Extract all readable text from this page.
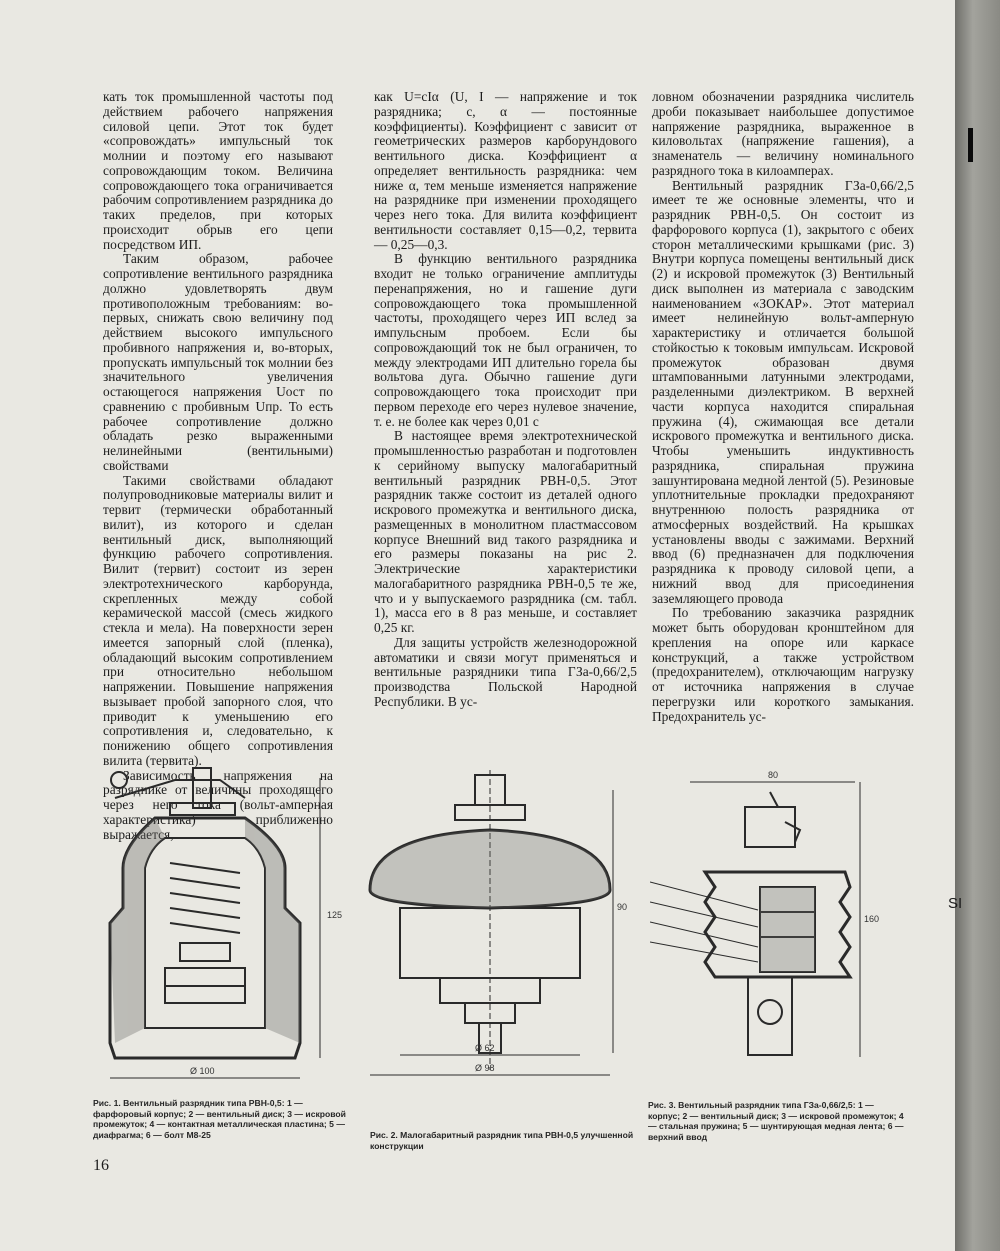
кать ток промышленной частоты под действием рабочего напряжения силовой цепи. Этот ток будет «сопровождать» импульсный ток молнии и поэтому его называют сопровождающим током. Величина сопровождающего тока ограничивается рабочим сопротивлением разрядника до таких пределов, при которых происходит обрыв его цепи посредством ИП.

Таким образом, рабочее сопротивление вентильного разрядника должно удовлетворять двум противоположным требованиям: во-первых, снижать свою величину под действием высокого импульсного пробивного напряжения и, во-вторых, пропускать импульсный ток молнии без значительного увеличения остающегося напряжения Uост по сравнению с пробивным Uпр. То есть рабочее сопротивление должно обладать резко выраженными нелинейными (вентильными) свойствами

Такими свойствами обладают полупроводниковые материалы вилит и тервит (термически обработанный вилит), из которого и сделан вентильный диск, выполняющий функцию рабочего сопротивления. Вилит (тервит) состоит из зерен электротехнического карборунда, скрепленных между собой керамической массой (смесь жидкого стекла и мела). На поверхности зерен имеется запорный слой (пленка), обладающий высоким сопротивлением при относительно небольшом напряжении. Повышение напряжения вызывает пробой запорного слоя, что приводит к уменьшению его сопротивления и, следовательно, к понижению общего сопротивления вилита (тервита).

Зависимость напряжения на разряднике от величины проходящего через него тока (вольт-амперная характеристика) приближенно выражается,

как U=cIα (U, I — напряжение и ток разрядника; c, α — постоянные коэффициенты). Коэффициент c зависит от геометрических размеров карборундового вентильного диска. Коэффициент α определяет вентильность разрядника: чем ниже α, тем меньше изменяется напряжение на разряднике при изменении проходящего через него тока. Для вилита коэффициент вентильности составляет 0,15—0,2, тервита — 0,25—0,3.

В функцию вентильного разрядника входит не только ограничение амплитуды перенапряжения, но и гашение дуги сопровождающего тока промышленной частоты, проходящего через ИП вслед за импульсным пробоем. Если бы сопровождающий ток не был ограничен, то между электродами ИП длительно горела бы вольтова дуга. Обычно гашение дуги сопровождающего тока происходит при первом переходе его через нулевое значение, т. е. не более как через 0,01 с

В настоящее время электротехнической промышленностью разработан и подготовлен к серийному выпуску малогабаритный вентильный разрядник РВН-0,5. Этот разрядник также состоит из деталей одного искрового промежутка и вентильного диска, размещенных в монолитном пластмассовом корпусе Внешний вид такого разрядника и его размеры показаны на рис 2. Электрические характеристики малогабаритного разрядника РВН-0,5 те же, что и у выпускаемого разрядника (см. табл. 1), масса его в 8 раз меньше, и составляет 0,25 кг.

Для защиты устройств железнодорожной автоматики и связи могут применяться и вентильные разрядники типа ГЗа-0,66/2,5 производства Польской Народной Республики. В ус-

ловном обозначении разрядника числитель дроби показывает наибольшее допустимое напряжение разрядника, выраженное в киловольтах (напряжение гашения), а знаменатель — величину номинального разрядного тока в килоамперах.

Вентильный разрядник ГЗа-0,66/2,5 имеет те же основные элементы, что и разрядник РВН-0,5. Он состоит из фарфорового корпуса (1), закрытого с обеих сторон металлическими крышками (рис. 3) Внутри корпуса помещены вентильный диск (2) и искровой промежуток (3) Вентильный диск выполнен из материала с заводским наименованием «ЗОКАР». Этот материал имеет нелинейную вольт-амперную характеристику и отличается большой стойкостью к токовым импульсам. Искровой промежуток образован двумя штампованными латунными электродами, разделенными диэлектриком. В верхней части корпуса находится спиральная пружина (4), сжимающая все детали искрового промежутка и вентильного диска. Чтобы уменьшить индуктивность разрядника, спиральная пружина зашунтирована медной лентой (5). Резиновые уплотнительные прокладки предохраняют внутреннюю полость разрядника от атмосферных воздействий. На крышках установлены вводы с зажимами. Верхний ввод (6) предназначен для подключения разрядника к проводу силовой цепи, а нижний ввод для присоединения заземляющего провода

По требованию заказчика разрядник может быть оборудован кронштейном для крепления на опоре или каркасе конструкций, а также устройством (предохранителем), отключающим нагрузку от источника напряжения в случае перегрузки или короткого замыкания. Предохранитель ус-

125
Ø 100
90
Ø 62
Ø 98
80
160
Рис. 1. Вентильный разрядник типа РВН-0,5: 1 — фарфоровый корпус; 2 — вентильный диск; 3 — искровой промежуток; 4 — контактная металлическая пластина; 5 — диафрагма; 6 — болт М8-25	Рис. 2. Малогабаритный разрядник типа РВН-0,5 улучшенной конструкции
Рис. 3. Вентильный разрядник типа ГЗа-0,66/2,5: 1 — корпус; 2 — вентильный диск; 3 — искровой промежуток; 4 — стальная пружина; 5 — шунтирующая медная лента; 6 — верхний ввод
16
SI
